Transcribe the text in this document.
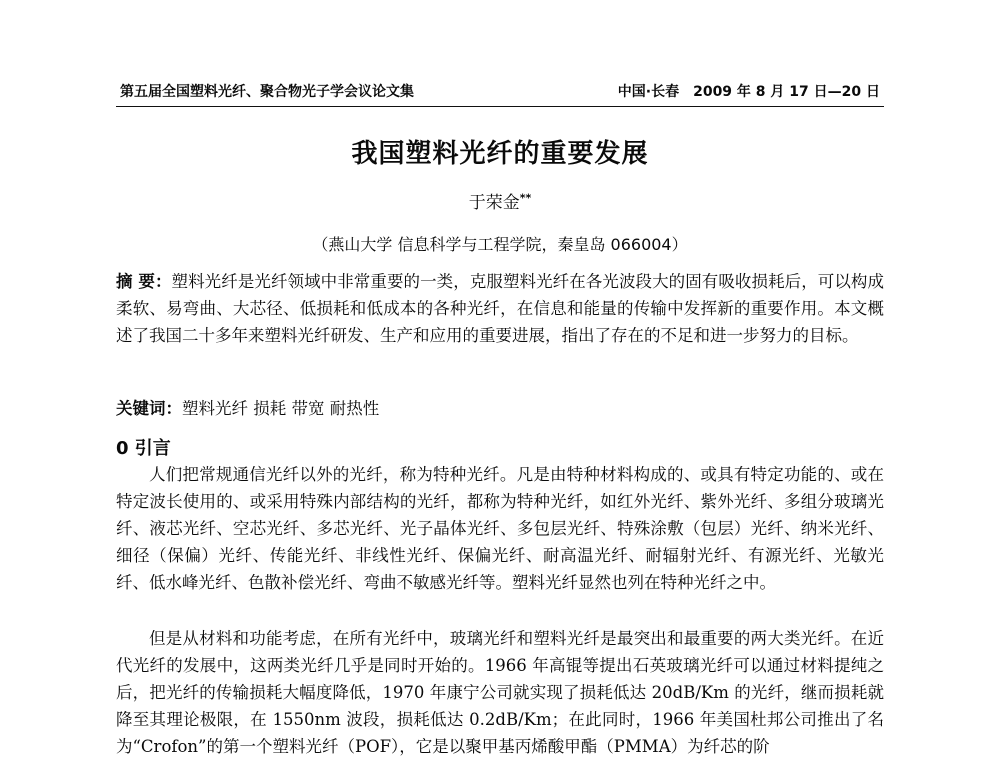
第五届全国塑料光纤、聚合物光子学会议论文集	中国·长春　2009 年 8 月 17 日—20 日
我国塑料光纤的重要发展
于荣金**
（燕山大学 信息科学与工程学院，秦皇岛 066004）
摘 要：塑料光纤是光纤领域中非常重要的一类，克服塑料光纤在各光波段大的固有吸收损耗后，可以构成柔软、易弯曲、大芯径、低损耗和低成本的各种光纤，在信息和能量的传输中发挥新的重要作用。本文概述了我国二十多年来塑料光纤研发、生产和应用的重要进展，指出了存在的不足和进一步努力的目标。
关键词：塑料光纤 损耗 带宽 耐热性
0 引言
人们把常规通信光纤以外的光纤，称为特种光纤。凡是由特种材料构成的、或具有特定功能的、或在特定波长使用的、或采用特殊内部结构的光纤，都称为特种光纤，如红外光纤、紫外光纤、多组分玻璃光纤、液芯光纤、空芯光纤、多芯光纤、光子晶体光纤、多包层光纤、特殊涂敷（包层）光纤、纳米光纤、细径（保偏）光纤、传能光纤、非线性光纤、保偏光纤、耐高温光纤、耐辐射光纤、有源光纤、光敏光纤、低水峰光纤、色散补偿光纤、弯曲不敏感光纤等。塑料光纤显然也列在特种光纤之中。
但是从材料和功能考虑，在所有光纤中，玻璃光纤和塑料光纤是最突出和最重要的两大类光纤。在近代光纤的发展中，这两类光纤几乎是同时开始的。1966 年高锟等提出石英玻璃光纤可以通过材料提纯之后，把光纤的传输损耗大幅度降低，1970 年康宁公司就实现了损耗低达 20dB/Km 的光纤，继而损耗就降至其理论极限，在 1550nm 波段，损耗低达 0.2dB/Km；在此同时，1966 年美国杜邦公司推出了名为“Crofon”的第一个塑料光纤（POF），它是以聚甲基丙烯酸甲酯（PMMA）为纤芯的阶
